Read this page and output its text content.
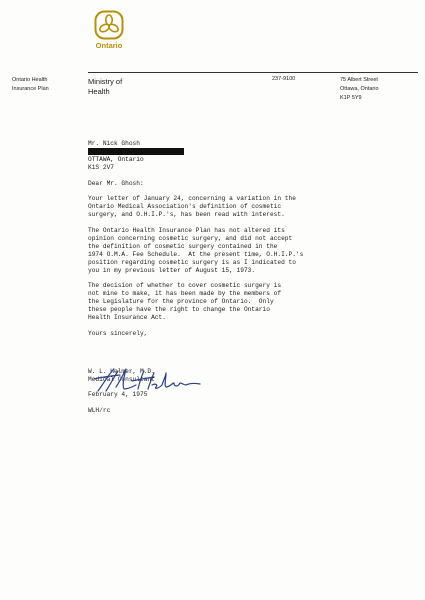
Ontario
Ontario Health
Insurance Plan
Ministry of
Health
237-9100	75 Albert Street
Ottawa, Ontario
K1P 5Y9
Mr. Nick Ghosh
OTTAWA, Ontario
K1S 2V7
Dear Mr. Ghosh:
Your letter of January 24, concerning a variation in the
Ontario Medical Association's definition of cosmetic
surgery, and O.H.I.P.'s, has been read with interest.
The Ontario Health Insurance Plan has not altered its
opinion concerning cosmetic surgery, and did not accept
the definition of cosmetic surgery contained in the
1974 O.M.A. Fee Schedule.  At the present time, O.H.I.P.'s
position regarding cosmetic surgery is as I indicated to
you in my previous letter of August 15, 1973.
The decision of whether to cover cosmetic surgery is
not mine to make, it has been made by the members of
the Legislature for the province of Ontario.  Only
these people have the right to change the Ontario
Health Insurance Act.
Yours sincerely,
W. L. Helmer, M.D.
Medical Consultant
February 4, 1975
WLH/rc
